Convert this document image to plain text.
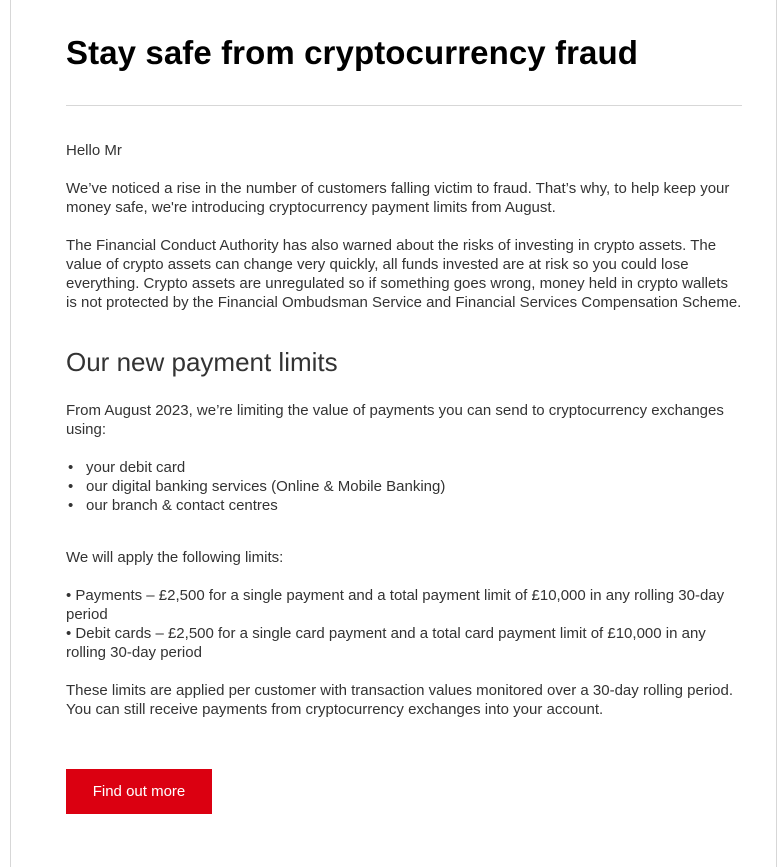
Stay safe from cryptocurrency fraud

Hello Mr

We’ve noticed a rise in the number of customers falling victim to fraud. That’s why, to help keep your money safe, we're introducing cryptocurrency payment limits from August.

The Financial Conduct Authority has also warned about the risks of investing in crypto assets. The value of crypto assets can change very quickly, all funds invested are at risk so you could lose everything. Crypto assets are unregulated so if something goes wrong, money held in crypto wallets is not protected by the Financial Ombudsman Service and Financial Services Compensation Scheme.

Our new payment limits

From August 2023, we’re limiting the value of payments you can send to cryptocurrency exchanges using:

• your debit card
• our digital banking services (Online & Mobile Banking)
• our branch & contact centres

We will apply the following limits:

• Payments – £2,500 for a single payment and a total payment limit of £10,000 in any rolling 30-day period

• Debit cards – £2,500 for a single card payment and a total card payment limit of £10,000 in any rolling 30-day period

These limits are applied per customer with transaction values monitored over a 30-day rolling period. You can still receive payments from cryptocurrency exchanges into your account.

Find out more
